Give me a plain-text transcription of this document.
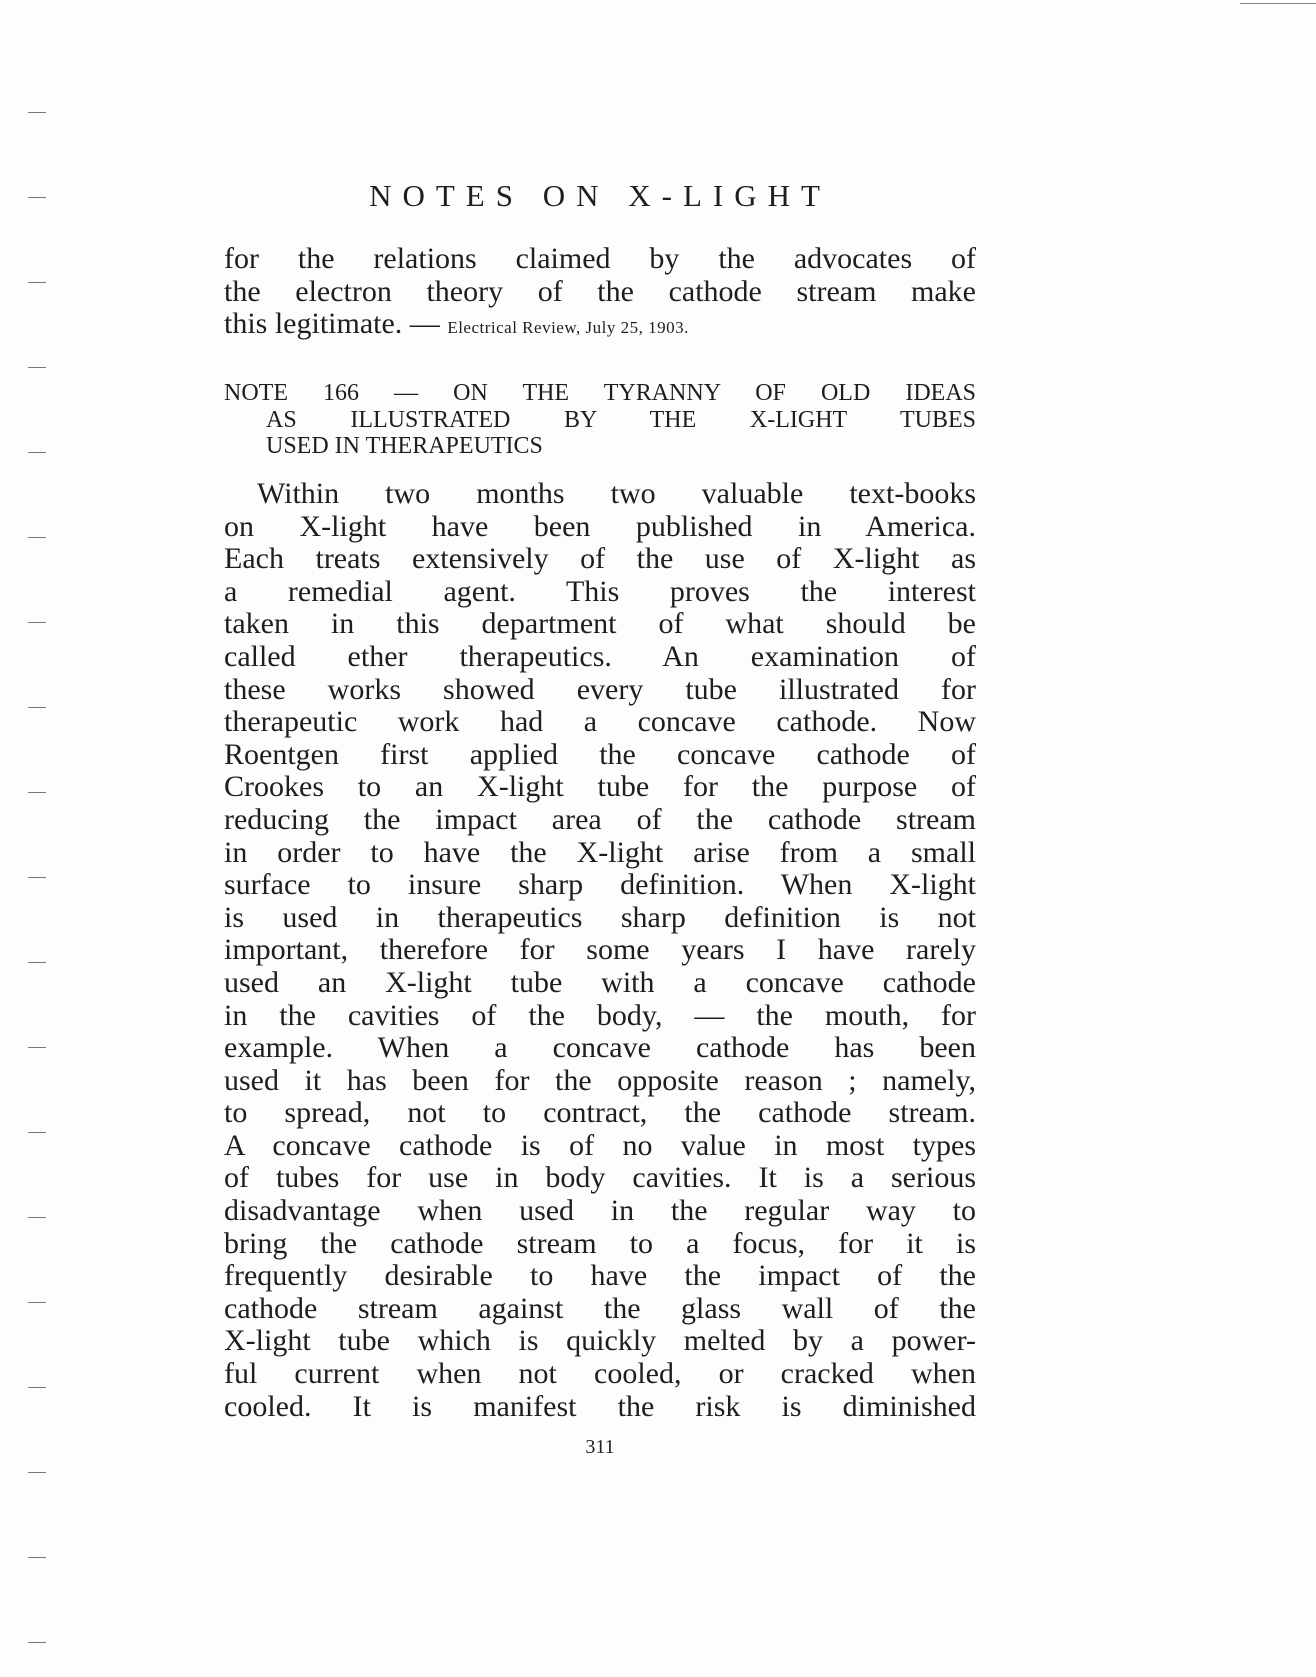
NOTES ON X-LIGHT
for the relations claimed by the advocates of
the electron theory of the cathode stream make
this legitimate. — Electrical Review, July 25, 1903.
NOTE 166 — ON THE TYRANNY OF OLD IDEAS
AS ILLUSTRATED BY THE X-LIGHT TUBES
USED IN THERAPEUTICS
Within two months two valuable text-books
on X-light have been published in America.
Each treats extensively of the use of X-light as
a remedial agent. This proves the interest
taken in this department of what should be
called ether therapeutics. An examination of
these works showed every tube illustrated for
therapeutic work had a concave cathode. Now
Roentgen first applied the concave cathode of
Crookes to an X-light tube for the purpose of
reducing the impact area of the cathode stream
in order to have the X-light arise from a small
surface to insure sharp definition. When X-light
is used in therapeutics sharp definition is not
important, therefore for some years I have rarely
used an X-light tube with a concave cathode
in the cavities of the body, — the mouth, for
example. When a concave cathode has been
used it has been for the opposite reason ; namely,
to spread, not to contract, the cathode stream.
A concave cathode is of no value in most types
of tubes for use in body cavities. It is a serious
disadvantage when used in the regular way to
bring the cathode stream to a focus, for it is
frequently desirable to have the impact of the
cathode stream against the glass wall of the
X-light tube which is quickly melted by a power-
ful current when not cooled, or cracked when
cooled. It is manifest the risk is diminished
311
